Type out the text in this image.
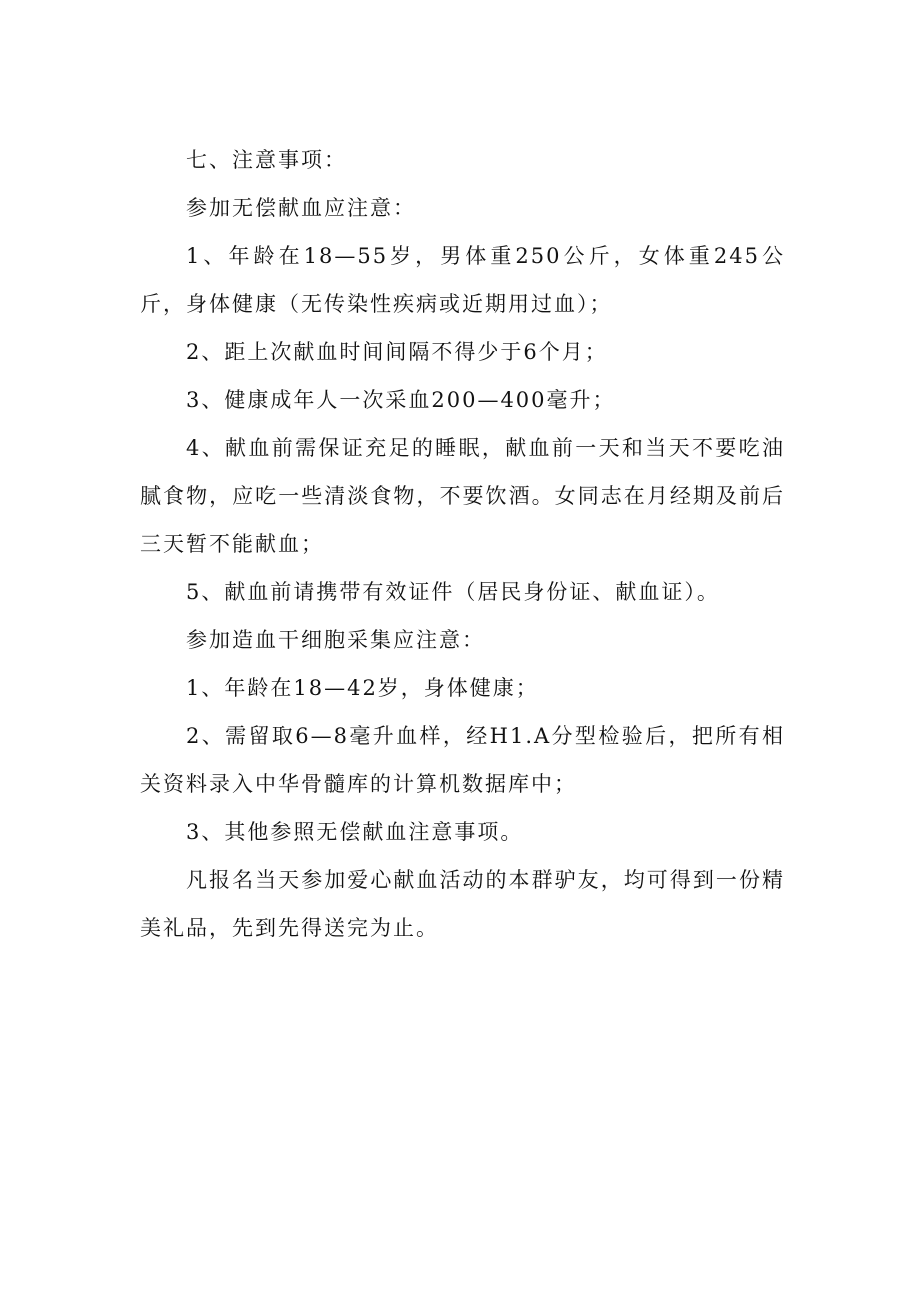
七、注意事项：

参加无偿献血应注意：

1、年龄在18—55岁，男体重250公斤，女体重245公斤，身体健康（无传染性疾病或近期用过血）；

2、距上次献血时间间隔不得少于6个月；

3、健康成年人一次采血200—400毫升；

4、献血前需保证充足的睡眠，献血前一天和当天不要吃油腻食物，应吃一些清淡食物，不要饮酒。女同志在月经期及前后三天暂不能献血；

5、献血前请携带有效证件（居民身份证、献血证）。

参加造血干细胞采集应注意：

1、年龄在18—42岁，身体健康；

2、需留取6—8毫升血样，经H1.A分型检验后，把所有相关资料录入中华骨髓库的计算机数据库中；

3、其他参照无偿献血注意事项。

凡报名当天参加爱心献血活动的本群驴友，均可得到一份精美礼品，先到先得送完为止。
